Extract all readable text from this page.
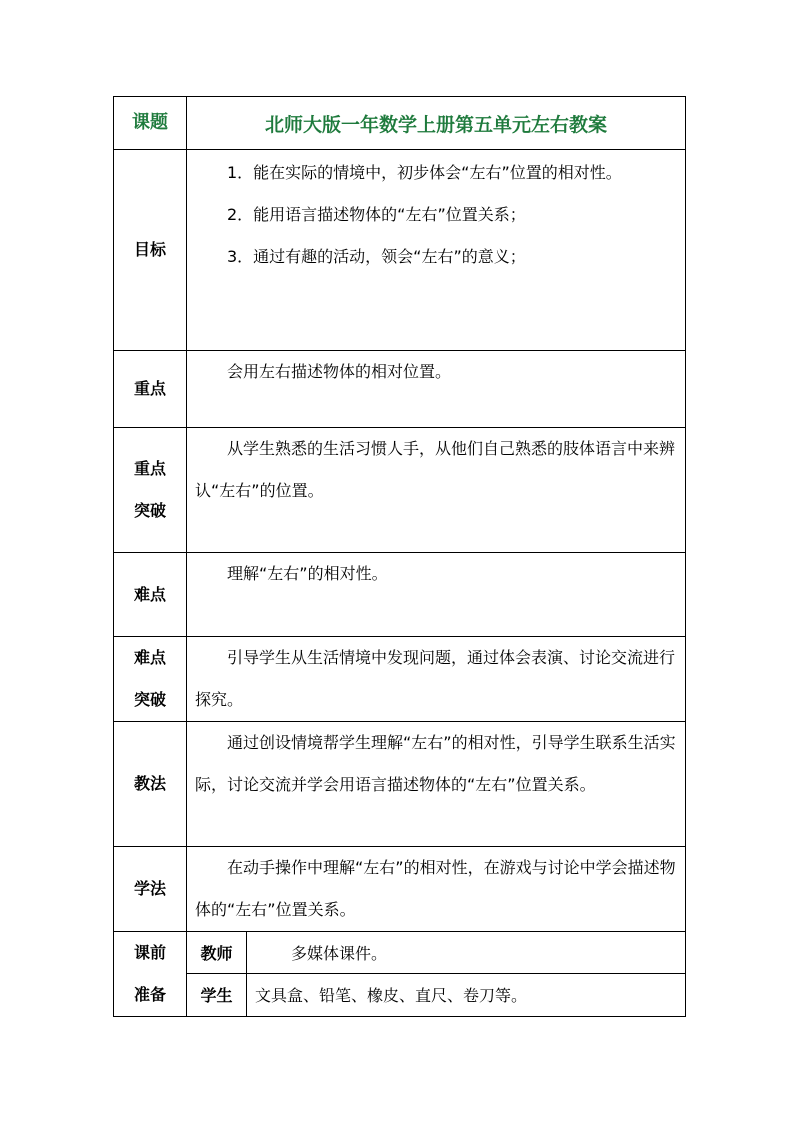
课题	北师大版一年数学上册第五单元左右教案	
目标	1．能在实际的情境中，初步体会“左右”位置的相对性。

2．能用语言描述物体的“左右”位置关系；

3．通过有趣的活动，领会“左右”的意义；	

重点	会用左右描述物体的相对位置。	

重点
突破	从学生熟悉的生活习惯人手，从他们自己熟悉的肢体语言中来辨认“左右”的位置。	

难点	理解“左右”的相对性。	

难点
突破	引导学生从生活情境中发现问题，通过体会表演、讨论交流进行探究。	

教法	通过创设情境帮学生理解“左右”的相对性，引导学生联系生活实际，讨论交流并学会用语言描述物体的“左右”位置关系。	

学法	在动手操作中理解“左右”的相对性，在游戏与讨论中学会描述物体的“左右”位置关系。	

课前
准备	教师	多媒体课件。
	学生	文具盒、铅笔、橡皮、直尺、卷刀等。
